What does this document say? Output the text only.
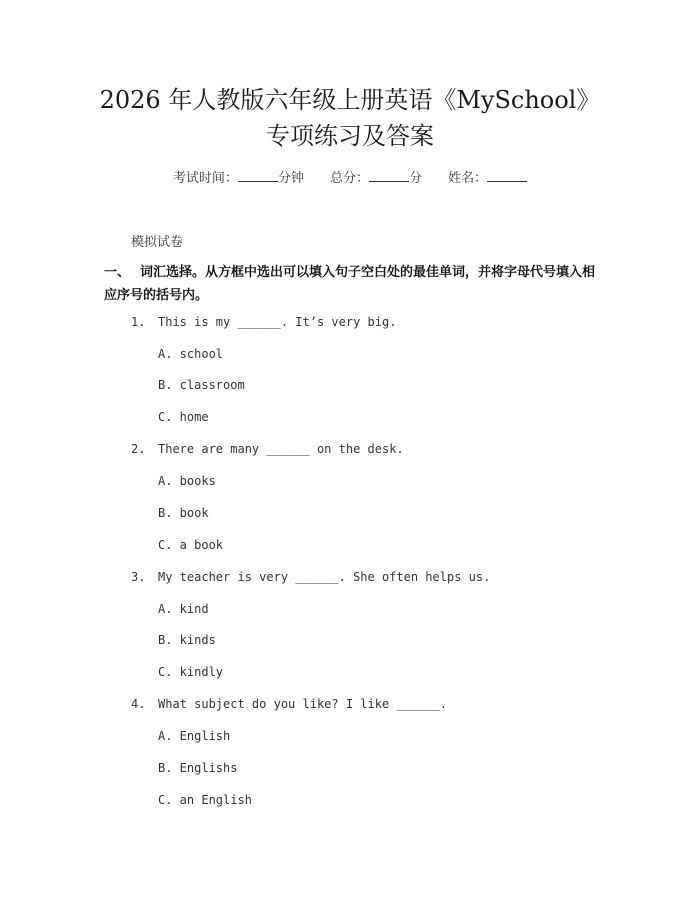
2026 年人教版六年级上册英语《MySchool》
专项练习及答案
考试时间：	分钟 总分：	分 姓名：
模拟试卷
一、 词汇选择。从方框中选出可以填入句子空白处的最佳单词，并将字母代号填入相应序号的括号内。
1. This is my ______. It’s very big.
A. school
B. classroom
C. home
2. There are many ______ on the desk.
A. books
B. book
C. a book
3. My teacher is very ______. She often helps us.
A. kind
B. kinds
C. kindly
4. What subject do you like? I like ______.
A. English
B. Englishs
C. an English
